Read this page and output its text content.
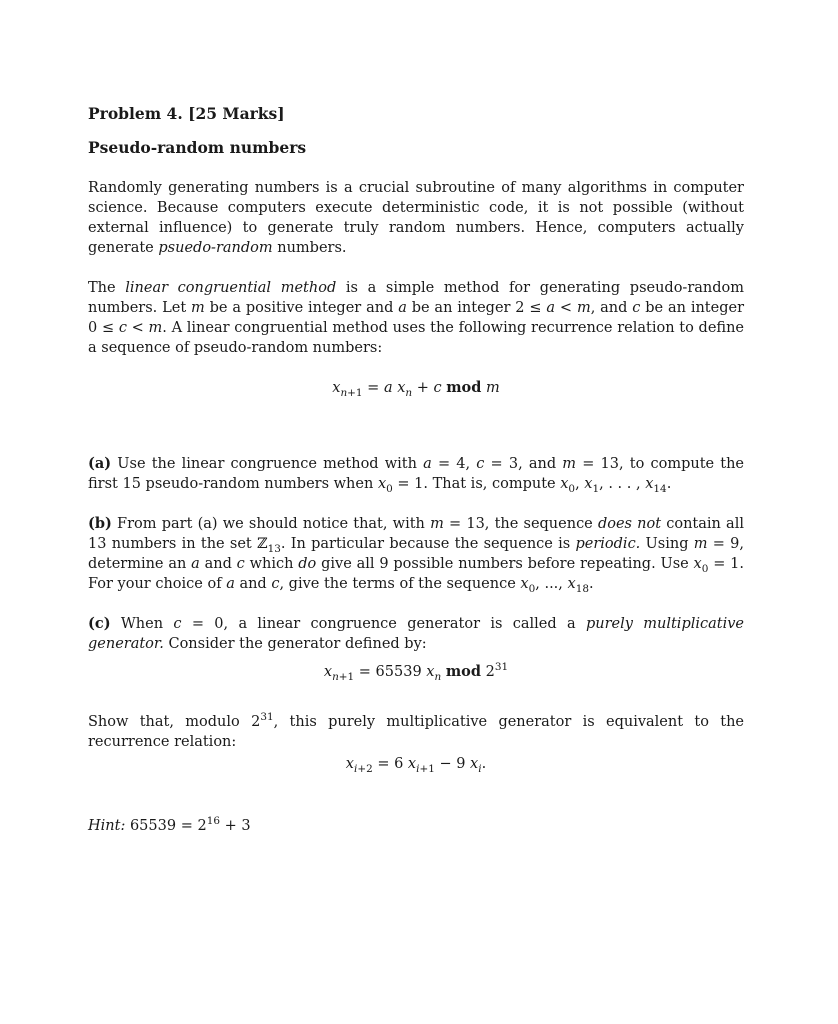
Problem 4. [25 Marks]

Pseudo-random numbers

Randomly generating numbers is a crucial subroutine of many algorithms in computer science. Because computers execute deterministic code, it is not possible (without external influence) to generate truly random numbers. Hence, computers actually generate psuedo-random numbers.

The linear congruential method is a simple method for generating pseudo-random numbers. Let m be a positive integer and a be an integer 2 ≤ a < m, and c be an integer 0 ≤ c < m. A linear congruential method uses the following recurrence relation to define a sequence of pseudo-random numbers:

$x_{n+1} = a$ $x_n + c$ mod m

(a) Use the linear congruence method with a = 4, c = 3, and m = 13, to compute the first 15 pseudo-random numbers when $x_0 = 1$. That is, compute $x_0$, $x_1$, . . . , $x_{14}$.

(b) From part (a) we should notice that, with m = 13, the sequence does not contain all 13 numbers in the set ℤ$_{13}$. In particular because the sequence is periodic. Using m = 9, determine an a and c which do give all 9 possible numbers before repeating. Use $x_0 = 1$. For your choice of a and c, give the terms of the sequence $x_0$, ..., $x_{18}$.

(c) When c = 0, a linear congruence generator is called a purely multiplicative generator. Consider the generator defined by:

$x_{n+1} = 65539$ $x_n$ mod $2^{31}$

Show that, modulo $2^{31}$, this purely multiplicative generator is equivalent to the recurrence relation:

$x_{i+2} = 6$ $x_{i+1} - 9$ $x_i$.

Hint: $65539 = 2^{16} + 3$
